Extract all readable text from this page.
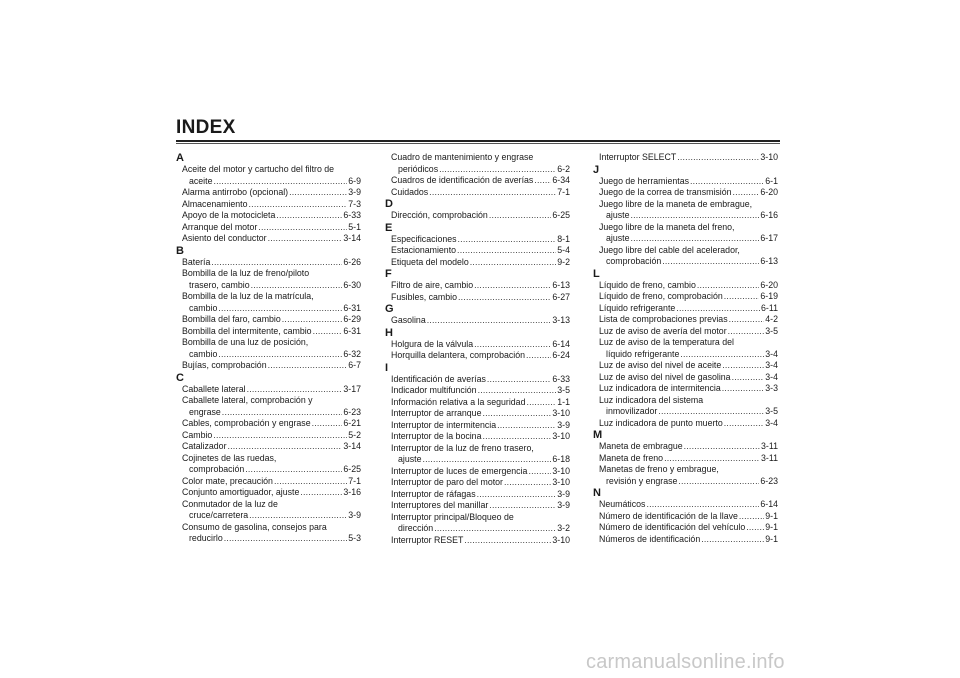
INDEX
A
Aceite del motor y cartucho del filtro de
aceite .....	6-9
Alarma antirrobo (opcional) .....	3-9
Almacenamiento .....	7-3
Apoyo de la motocicleta .....	6-33
Arranque del motor .....	5-1
Asiento del conductor .....	3-14
B
Batería .....	6-26
Bombilla de la luz de freno/piloto
trasero, cambio .....	6-30
Bombilla de la luz de la matrícula,
cambio .....	6-31
Bombilla del faro, cambio .....	6-29
Bombilla del intermitente, cambio .....	6-31
Bombilla de una luz de posición,
cambio .....	6-32
Bujías, comprobación .....	6-7
C
Caballete lateral .....	3-17
Caballete lateral, comprobación y
engrase .....	6-23
Cables, comprobación y engrase .....	6-21
Cambio .....	5-2
Catalizador .....	3-14
Cojinetes de las ruedas,
comprobación .....	6-25
Color mate, precaución .....	7-1
Conjunto amortiguador, ajuste .....	3-16
Conmutador de la luz de
cruce/carretera .....	3-9
Consumo de gasolina, consejos para
reducirlo .....	5-3
Cuadro de mantenimiento y engrase
periódicos .....	6-2
Cuadros de identificación de averías ..... 6-34
Cuidados .....	7-1
D
Dirección, comprobación .....	6-25
E
Especificaciones .....	8-1
Estacionamiento .....	5-4
Etiqueta del modelo .....	9-2
F
Filtro de aire, cambio .....	6-13
Fusibles, cambio .....	6-27
G
Gasolina .....	3-13
H
Holgura de la válvula .....	6-14
Horquilla delantera, comprobación .....	6-24
I
Identificación de averías .....	6-33
Indicador multifunción .....	3-5
Información relativa a la seguridad .....	1-1
Interruptor de arranque .....	3-10
Interruptor de intermitencia .....	3-9
Interruptor de la bocina .....	3-10
Interruptor de la luz de freno trasero,
ajuste .....	6-18
Interruptor de luces de emergencia .....	3-10
Interruptor de paro del motor .....	3-10
Interruptor de ráfagas .....	3-9
Interruptores del manillar .....	3-9
Interruptor principal/Bloqueo de
dirección .....	3-2
Interruptor RESET .....	3-10
Interruptor SELECT .....	3-10
J
Juego de herramientas .....	6-1
Juego de la correa de transmisión .....	6-20
Juego libre de la maneta de embrague,
ajuste .....	6-16
Juego libre de la maneta del freno,
ajuste .....	6-17
Juego libre del cable del acelerador,
comprobación .....	6-13
L
Líquido de freno, cambio .....	6-20
Líquido de freno, comprobación .....	6-19
Líquido refrigerante .....	6-11
Lista de comprobaciones previas .....	4-2
Luz de aviso de avería del motor .....	3-5
Luz de aviso de la temperatura del
líquido refrigerante .....	3-4
Luz de aviso del nivel de aceite .....	3-4
Luz de aviso del nivel de gasolina .....	3-4
Luz indicadora de intermitencia .....	3-3
Luz indicadora del sistema
inmovilizador .....	3-5
Luz indicadora de punto muerto .....	3-4
M
Maneta de embrague .....	3-11
Maneta de freno .....	3-11
Manetas de freno y embrague,
revisión y engrase .....	6-23
N
Neumáticos .....	6-14
Número de identificación de la llave .....	9-1
Número de identificación del vehículo ..... 9-1
Números de identificación .....	9-1
carmanualsonline.info
